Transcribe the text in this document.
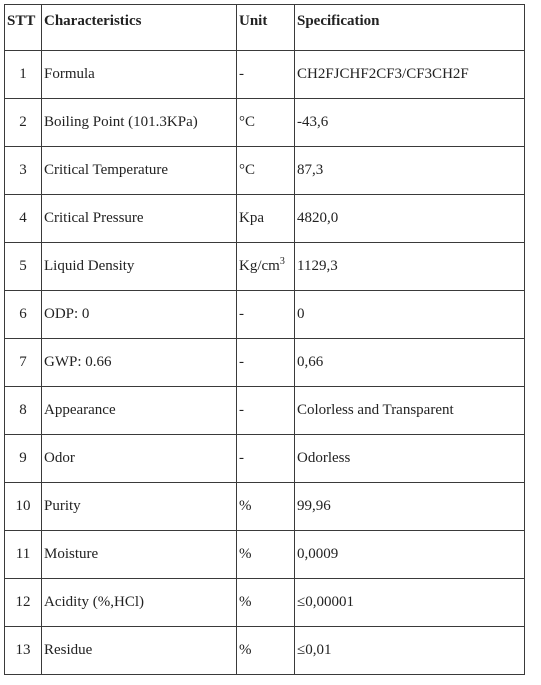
STT	Characteristics	Unit	Specification
1	Formula	-	CH2FJCHF2CF3/CF3CH2F
2	Boiling Point (101.3KPa)	°C	-43,6
3	Critical Temperature	°C	87,3
4	Critical Pressure	Kpa	4820,0
5	Liquid Density	$Kg/cm^3$	1129,3
6	ODP: 0	-	0
7	GWP: 0.66	-	0,66
8	Appearance	-	Colorless and Transparent
9	Odor	-	Odorless
10	Purity	%	99,96
11	Moisture	%	0,0009
12	Acidity (%,HCl)	%	≤0,00001
13	Residue	%	≤0,01
